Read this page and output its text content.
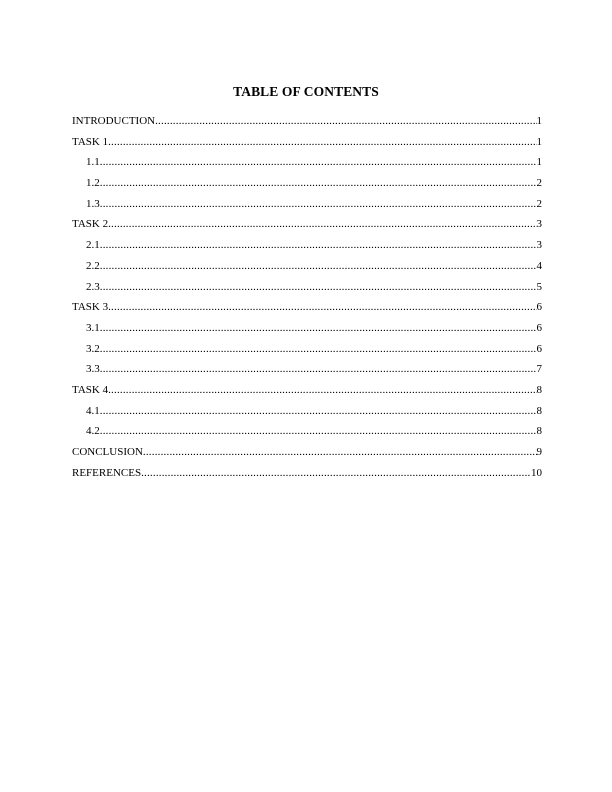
TABLE OF CONTENTS
INTRODUCTION .....	1
TASK 1 .....	1
1.1 .....	1
1.2 .....	2
1.3 .....	2
TASK 2 .....	3
2.1 .....	3
2.2 .....	4
2.3 .....	5
TASK 3 .....	6
3.1 .....	6
3.2 .....	6
3.3 .....	7
TASK 4 .....	8
4.1 .....	8
4.2 .....	8
CONCLUSION .....	9
REFERENCES .....	10
